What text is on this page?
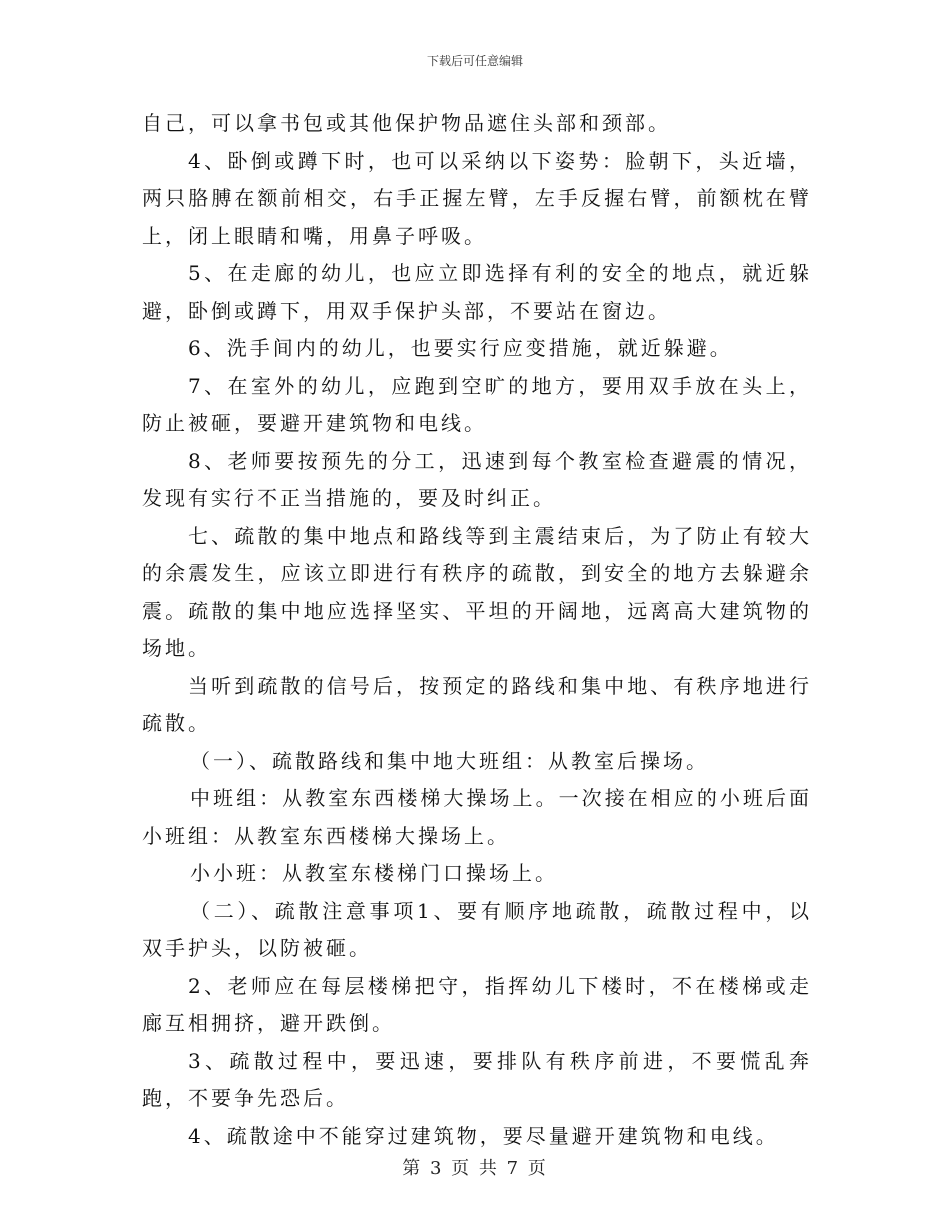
下载后可任意编辑

自己，可以拿书包或其他保护物品遮住头部和颈部。

4、卧倒或蹲下时，也可以采纳以下姿势：脸朝下，头近墙，两只胳膊在额前相交，右手正握左臂，左手反握右臂，前额枕在臂上，闭上眼睛和嘴，用鼻子呼吸。

5、在走廊的幼儿，也应立即选择有利的安全的地点，就近躲避，卧倒或蹲下，用双手保护头部，不要站在窗边。

6、洗手间内的幼儿，也要实行应变措施，就近躲避。

7、在室外的幼儿，应跑到空旷的地方，要用双手放在头上，防止被砸，要避开建筑物和电线。

8、老师要按预先的分工，迅速到每个教室检查避震的情况，发现有实行不正当措施的，要及时纠正。

七、疏散的集中地点和路线等到主震结束后，为了防止有较大的余震发生，应该立即进行有秩序的疏散，到安全的地方去躲避余震。疏散的集中地应选择坚实、平坦的开阔地，远离高大建筑物的场地。

当听到疏散的信号后，按预定的路线和集中地、有秩序地进行疏散。

（一）、疏散路线和集中地大班组：从教室后操场。

中班组：从教室东西楼梯大操场上。一次接在相应的小班后面小班组：从教室东西楼梯大操场上。

小小班：从教室东楼梯门口操场上。

（二）、疏散注意事项1、要有顺序地疏散，疏散过程中，以双手护头，以防被砸。

2、老师应在每层楼梯把守，指挥幼儿下楼时，不在楼梯或走廊互相拥挤，避开跌倒。

3、疏散过程中，要迅速，要排队有秩序前进，不要慌乱奔跑，不要争先恐后。

4、疏散途中不能穿过建筑物，要尽量避开建筑物和电线。

第 3 页 共 7 页
